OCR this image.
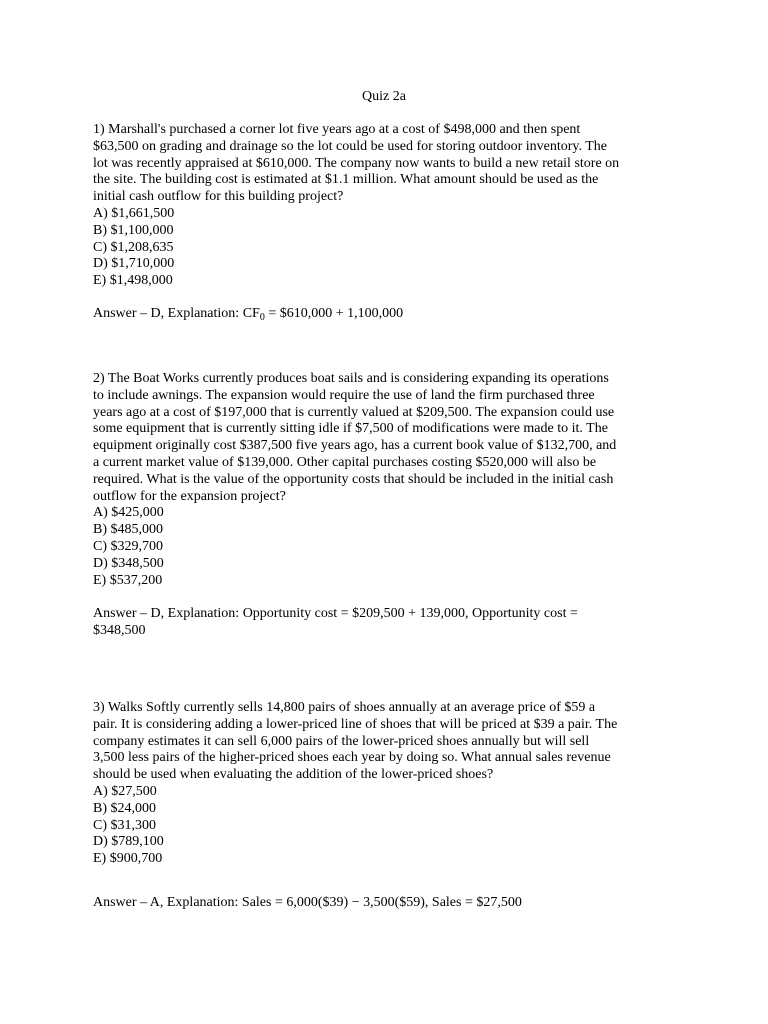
Quiz 2a
1) Marshall's purchased a corner lot five years ago at a cost of $498,000 and then spent
$63,500 on grading and drainage so the lot could be used for storing outdoor inventory. The
lot was recently appraised at $610,000. The company now wants to build a new retail store on
the site. The building cost is estimated at $1.1 million. What amount should be used as the
initial cash outflow for this building project?
A) $1,661,500
B) $1,100,000
C) $1,208,635
D) $1,710,000
E) $1,498,000
Answer – D, Explanation: $CF_0$ = $610,000 + 1,100,000
2) The Boat Works currently produces boat sails and is considering expanding its operations
to include awnings. The expansion would require the use of land the firm purchased three
years ago at a cost of $197,000 that is currently valued at $209,500. The expansion could use
some equipment that is currently sitting idle if $7,500 of modifications were made to it. The
equipment originally cost $387,500 five years ago, has a current book value of $132,700, and
a current market value of $139,000. Other capital purchases costing $520,000 will also be
required. What is the value of the opportunity costs that should be included in the initial cash
outflow for the expansion project?
A) $425,000
B) $485,000
C) $329,700
D) $348,500
E) $537,200
Answer – D, Explanation: Opportunity cost = $209,500 + 139,000, Opportunity cost =
$348,500
3) Walks Softly currently sells 14,800 pairs of shoes annually at an average price of $59 a
pair. It is considering adding a lower-priced line of shoes that will be priced at $39 a pair. The
company estimates it can sell 6,000 pairs of the lower-priced shoes annually but will sell
3,500 less pairs of the higher-priced shoes each year by doing so. What annual sales revenue
should be used when evaluating the addition of the lower-priced shoes?
A) $27,500
B) $24,000
C) $31,300
D) $789,100
E) $900,700
Answer – A, Explanation: Sales = 6,000($39) − 3,500($59), Sales = $27,500
